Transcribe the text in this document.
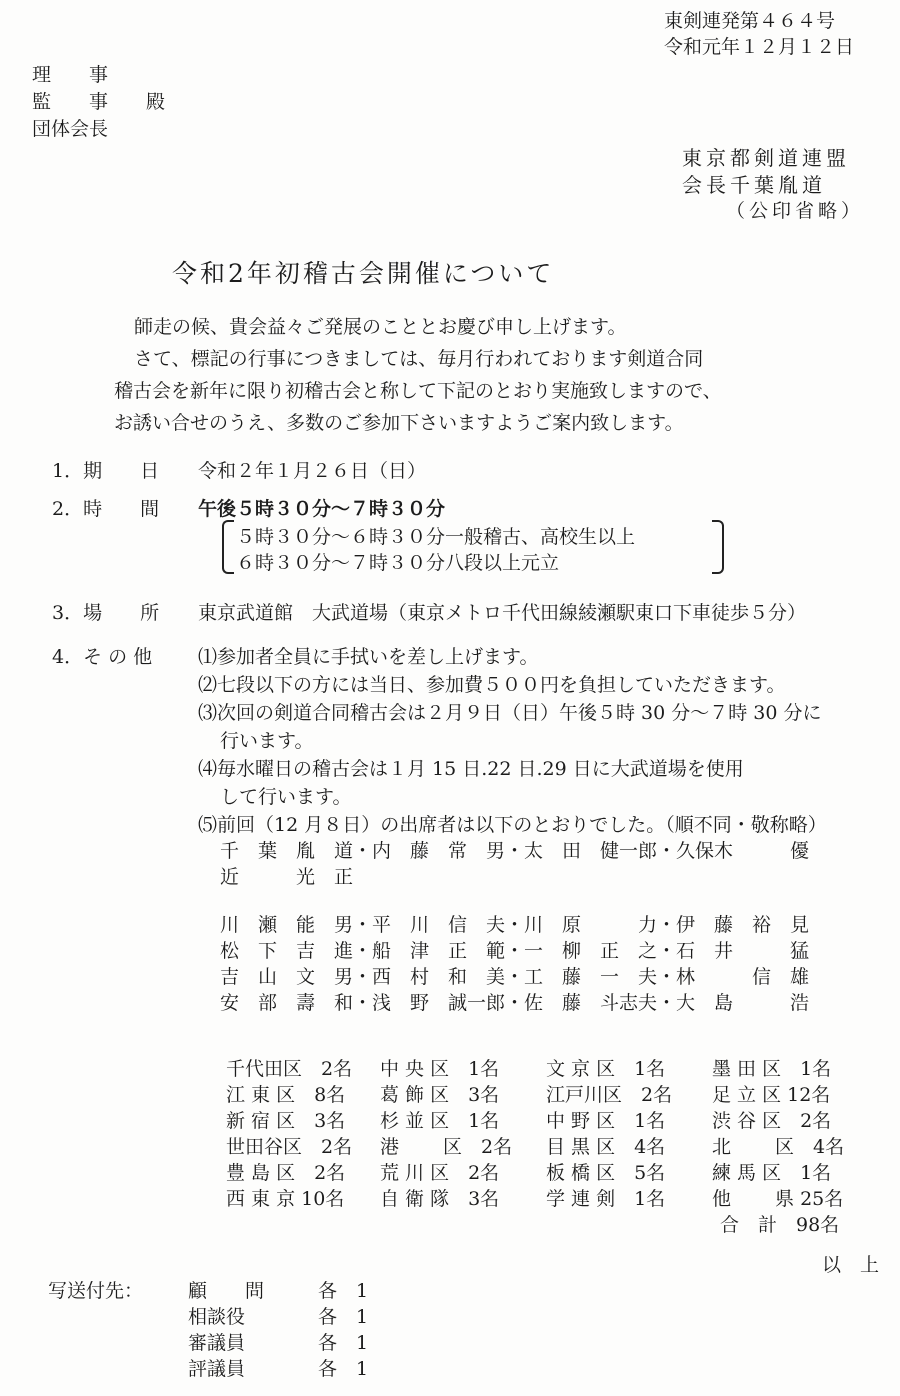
東剣連発第４６４号
令和元年１２月１２日
理　　事
監　　事　　殿
団体会長
東京都剣道連盟
会長千葉胤道
（公印省略）
令和2年初稽古会開催について
師走の候、貴会益々ご発展のこととお慶び申し上げます。
さて、標記の行事につきましては、毎月行われております剣道合同
稽古会を新年に限り初稽古会と称して下記のとおり実施致しますので、
お誘い合せのうえ、多数のご参加下さいますようご案内致します。
1．期　　日 令和２年１月２６日（日）
2．時　　間 午後５時３０分〜７時３０分
５時３０分〜６時３０分一般稽古、高校生以上
６時３０分〜７時３０分八段以上元立
3．場　　所 東京武道館　大武道場（東京メトロ千代田線綾瀬駅東口下車徒歩５分）
4．そ の 他 ⑴参加者全員に手拭いを差し上げます。
⑵七段以下の方には当日、参加費５００円を負担していただきます。
⑶次回の剣道合同稽古会は２月９日（日）午後５時 30 分〜７時 30 分に
行います。
⑷毎水曜日の稽古会は１月 15 日.22 日.29 日に大武道場を使用
して行います。
⑸前回（12 月８日）の出席者は以下のとおりでした。（順不同・敬称略）
千　葉　胤　道・内　藤　常　男・太　田　健一郎・久保木　　　優
近　　　光　正
川　瀬　能　男・平　川　信　夫・川　原　　　力・伊　藤　裕　見
松　下　吉　進・船　津　正　範・一　柳　正　之・石　井　　　猛
吉　山　文　男・西　村　和　美・工　藤　一　夫・林　　　信　雄
安　部　壽　和・浅　野　誠一郎・佐　藤　斗志夫・大　島　　　浩
千代田区　2名 中 央 区　1名 文 京 区　1名 墨 田 区　1名
江 東 区　8名 葛 飾 区　3名 江戸川区　2名 足 立 区 12名
新 宿 区　3名 杉 並 区　1名 中 野 区　1名 渋 谷 区　2名
世田谷区　2名 港　　 区　2名 目 黒 区　4名 北　　 区　4名
豊 島 区　2名 荒 川 区　2名 板 橋 区　5名 練 馬 区　1名
西 東 京 10名 自 衛 隊　3名 学 連 剣　1名 他　　 県 25名
合　計　98名
以　上
写送付先： 顧　　問	各　1
相談役	各　1
審議員	各　1
評議員	各　1
